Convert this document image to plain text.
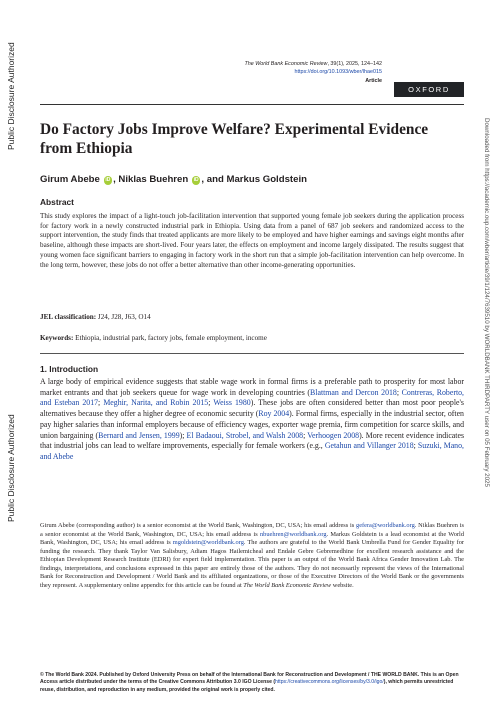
Public Disclosure Authorized
Public Disclosure Authorized	Downloaded from https://academic.oup.com/wber/article/39/1/124/7639510 by WORLDBANK THIRDPARTY user on 05 February 2025
The World Bank Economic Review, 39(1), 2025, 124–142
https://doi.org/10.1093/wber/lhae015
Article
OXFORD
Do Factory Jobs Improve Welfare? Experimental Evidence from Ethiopia
Girum Abebe iD , Niklas Buehren iD , and Markus Goldstein
Abstract

This study explores the impact of a light-touch job-facilitation intervention that supported young female job seekers during the application process for factory work in a newly constructed industrial park in Ethiopia. Using data from a panel of 687 job seekers and randomized access to the support intervention, the study finds that treated applicants are more likely to be employed and have higher earnings and savings eight months after baseline, although these impacts are short-lived. Four years later, the effects on employment and income largely dissipated. The results suggest that young women face significant barriers to engaging in factory work in the short run that a simple job-facilitation intervention can help overcome. In the long term, however, these jobs do not offer a better alternative than other income-generating opportunities.

JEL classification: J24, J28, J63, O14
Keywords: Ethiopia, industrial park, factory jobs, female employment, income
1. Introduction

A large body of empirical evidence suggests that stable wage work in formal firms is a preferable path to prosperity for most labor market entrants and that job seekers queue for wage work in developing countries (Blattman and Dercon 2018; Contreras, Roberto, and Esteban 2017; Meghir, Narita, and Robin 2015; Weiss 1980). These jobs are often considered better than most poor people's alternatives because they offer a higher degree of economic security (Roy 2004). Formal firms, especially in the industrial sector, often pay higher salaries than informal employers because of efficiency wages, exporter wage premia, firm competition for scarce skills, and union bargaining (Bernard and Jensen, 1999); El Badaoui, Strobel, and Walsh 2008; Verhoogen 2008). More recent evidence indicates that industrial jobs can lead to welfare improvements, especially for female workers (e.g., Getahun and Villanger 2018; Suzuki, Mano, and Abebe

Girum Abebe (corresponding author) is a senior economist at the World Bank, Washington, DC, USA; his email address is gefera@worldbank.org. Niklas Buehren is a senior economist at the World Bank, Washington, DC, USA; his email address is nbuehren@worldbank.org. Markus Goldstein is a lead economist at the World Bank, Washington, DC, USA; his email address is mgoldstein@worldbank.org. The authors are grateful to the World Bank Umbrella Fund for Gender Equality for funding the research. They thank Taylor Van Salisbury, Adiam Hagos Hailemicheal and Endale Gebre Gebremedhine for excellent research assistance and the Ethiopian Development Research Institute (EDRI) for expert field implementation. This paper is an output of the World Bank Africa Gender Innovation Lab. The findings, interpretations, and conclusions expressed in this paper are entirely those of the authors. They do not necessarily represent the views of the International Bank for Reconstruction and Development / World Bank and its affiliated organizations, or those of the Executive Directors of the World Bank or the governments they represent. A supplementary online appendix for this article can be found at The World Bank Economic Review website.

© The World Bank 2024. Published by Oxford University Press on behalf of the International Bank for Reconstruction and Development / THE WORLD BANK. This is an Open Access article distributed under the terms of the Creative Commons Attribution 3.0 IGO License (https://creativecommons.org/licenses/by/3.0/igo/), which permits unrestricted reuse, distribution, and reproduction in any medium, provided the original work is properly cited.
